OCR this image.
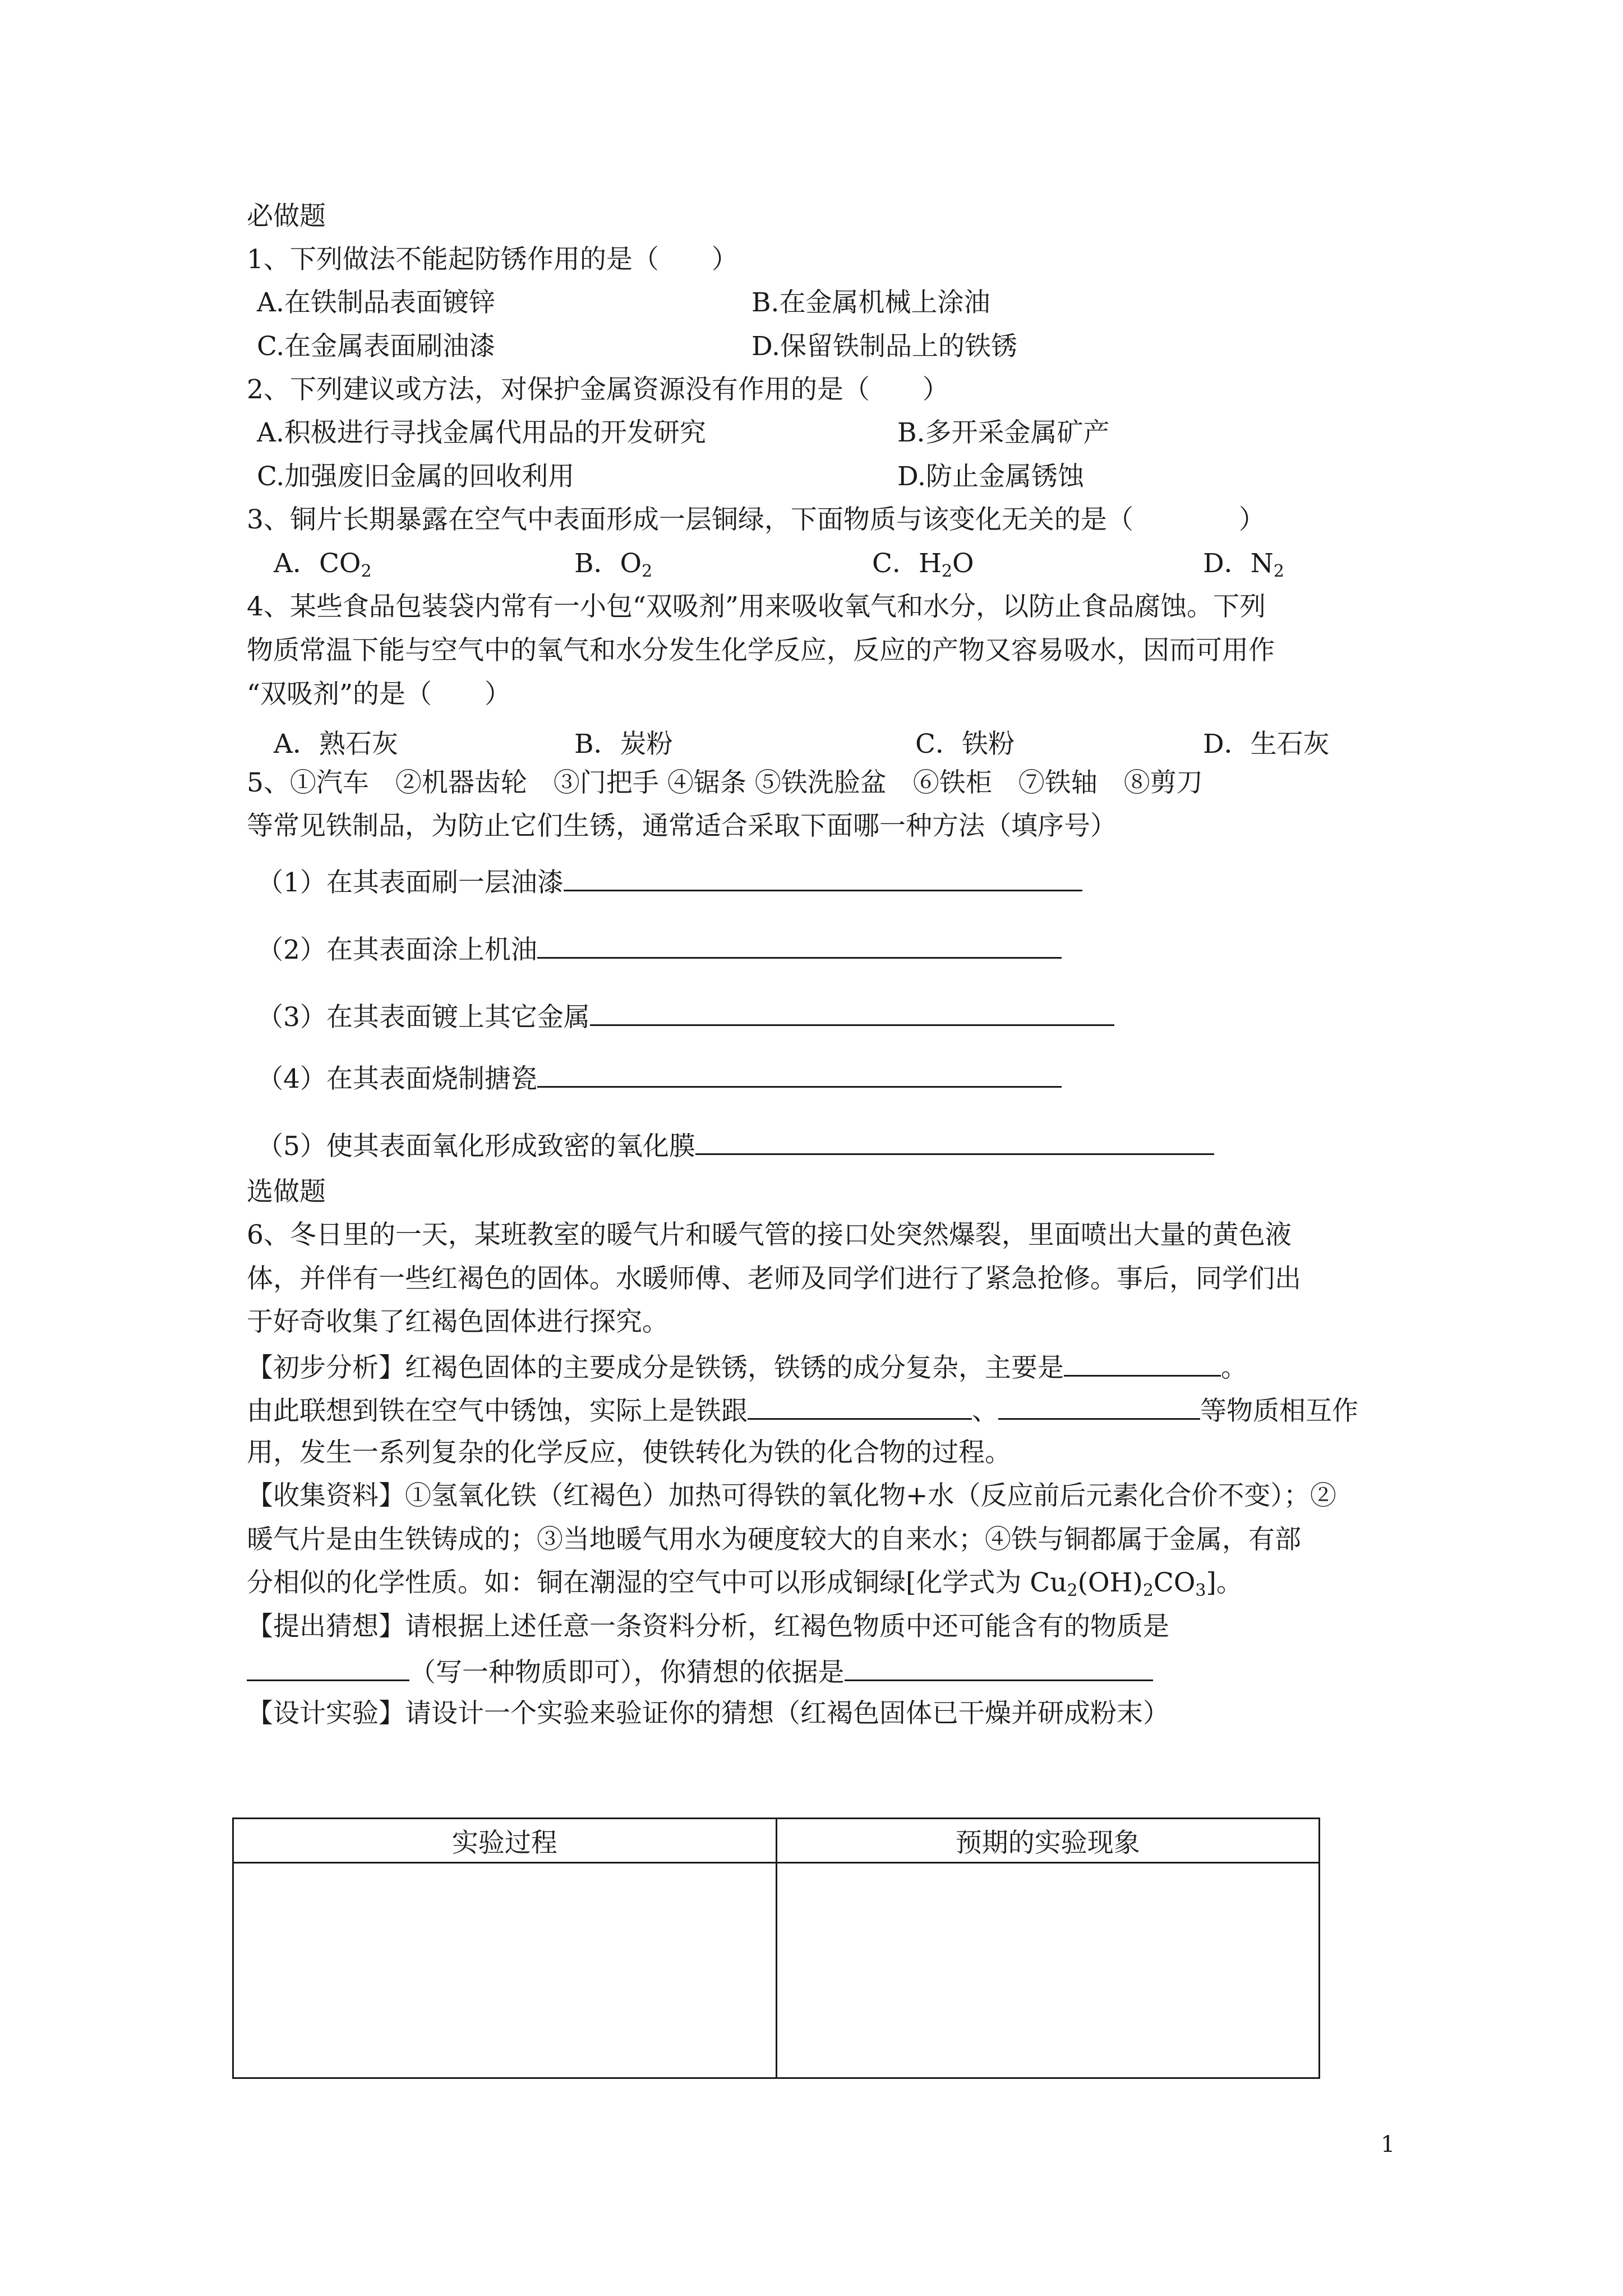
必做题
1、下列做法不能起防锈作用的是（　　）
A.在铁制品表面镀锌	B.在金属机械上涂油
C.在金属表面刷油漆	D.保留铁制品上的铁锈
2、下列建议或方法，对保护金属资源没有作用的是（　　）
A.积极进行寻找金属代用品的开发研究	B.多开采金属矿产
C.加强废旧金属的回收利用	D.防止金属锈蚀
3、铜片长期暴露在空气中表面形成一层铜绿，下面物质与该变化无关的是（　　　　）
A．$CO_2$	B．$O_2$	C．$H_2O$	D．$N_2$
4、某些食品包装袋内常有一小包“双吸剂”用来吸收氧气和水分，以防止食品腐蚀。下列
物质常温下能与空气中的氧气和水分发生化学反应，反应的产物又容易吸水，因而可用作
“双吸剂”的是（　　）
A．熟石灰	B．炭粉	C．铁粉	D．生石灰
5、①汽车　②机器齿轮　③门把手 ④锯条 ⑤铁洗脸盆　⑥铁柜　⑦铁轴　⑧剪刀
等常见铁制品，为防止它们生锈，通常适合采取下面哪一种方法（填序号）
（1）在其表面刷一层油漆
（2）在其表面涂上机油
（3）在其表面镀上其它金属
（4）在其表面烧制搪瓷
（5）使其表面氧化形成致密的氧化膜
选做题
6、冬日里的一天，某班教室的暖气片和暖气管的接口处突然爆裂，里面喷出大量的黄色液
体，并伴有一些红褐色的固体。水暖师傅、老师及同学们进行了紧急抢修。事后，同学们出
于好奇收集了红褐色固体进行探究。
【初步分析】红褐色固体的主要成分是铁锈，铁锈的成分复杂，主要是	。
由此联想到铁在空气中锈蚀，实际上是铁跟	、	等物质相互作
用，发生一系列复杂的化学反应，使铁转化为铁的化合物的过程。
【收集资料】①氢氧化铁（红褐色）加热可得铁的氧化物+水（反应前后元素化合价不变）；②
暖气片是由生铁铸成的；③当地暖气用水为硬度较大的自来水；④铁与铜都属于金属，有部
分相似的化学性质。如：铜在潮湿的空气中可以形成铜绿[化学式为 $Cu_2(OH)_2CO_3$]。
【提出猜想】请根据上述任意一条资料分析，红褐色物质中还可能含有的物质是
（写一种物质即可），你猜想的依据是
【设计实验】请设计一个实验来验证你的猜想（红褐色固体已干燥并研成粉末）
实验过程	预期的实验现象

1
